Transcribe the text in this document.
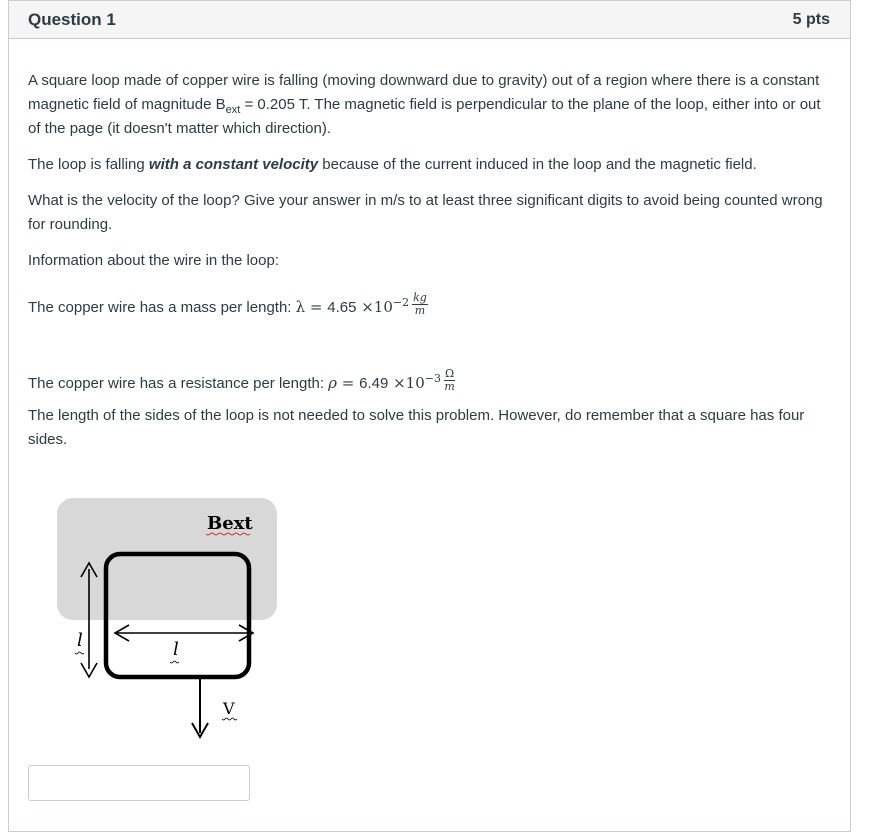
Question 1	5 pts

A square loop made of copper wire is falling (moving downward due to gravity) out of a region where there is a constant magnetic field of magnitude $B_{ext} = 0.205$ T. The magnetic field is perpendicular to the plane of the loop, either into or out of the page (it doesn't matter which direction).

The loop is falling with a constant velocity because of the current induced in the loop and the magnetic field.

What is the velocity of the loop? Give your answer in m/s to at least three significant digits to avoid being counted wrong for rounding.

Information about the wire in the loop:

The copper wire has a mass per length: $\lambda = 4.65 \times 10^{-2} \frac{kg}{m}$
The copper wire has a resistance per length: $\rho = 6.49 \times 10^{-3} \frac{\Omega}{m}$

The length of the sides of the loop is not needed to solve this problem. However, do remember that a square has four sides.

Bext
l	l
V
